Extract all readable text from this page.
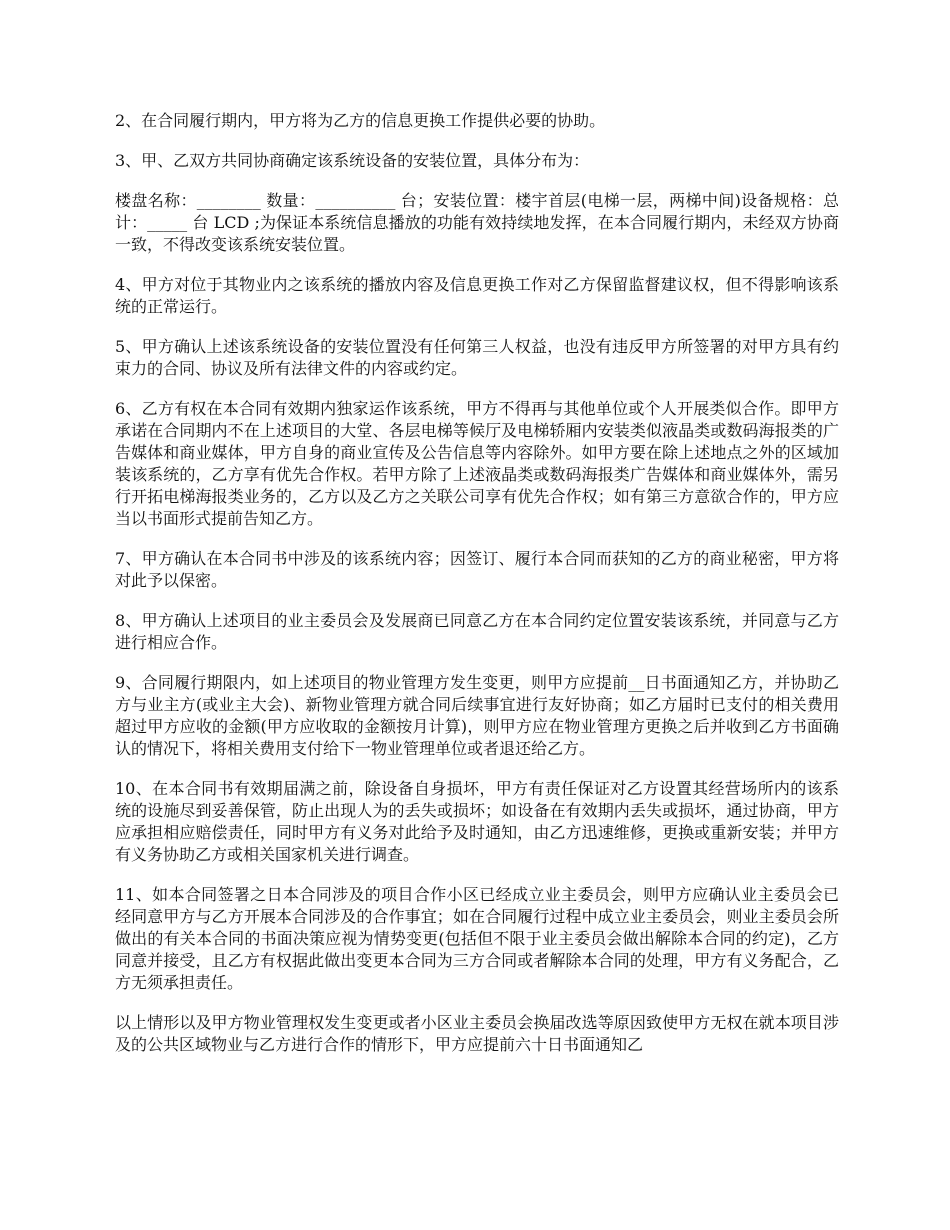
2、在合同履行期内，甲方将为乙方的信息更换工作提供必要的协助。

3、甲、乙双方共同协商确定该系统设备的安装位置，具体分布为：

楼盘名称：________ 数量：__________ 台；安装位置：楼宇首层(电梯一层，两梯中间)设备规格：总计：_____ 台 LCD ;为保证本系统信息播放的功能有效持续地发挥，在本合同履行期内，未经双方协商一致，不得改变该系统安装位置。

4、甲方对位于其物业内之该系统的播放内容及信息更换工作对乙方保留监督建议权，但不得影响该系统的正常运行。

5、甲方确认上述该系统设备的安装位置没有任何第三人权益，也没有违反甲方所签署的对甲方具有约束力的合同、协议及所有法律文件的内容或约定。

6、乙方有权在本合同有效期内独家运作该系统，甲方不得再与其他单位或个人开展类似合作。即甲方承诺在合同期内不在上述项目的大堂、各层电梯等候厅及电梯轿厢内安装类似液晶类或数码海报类的广告媒体和商业媒体，甲方自身的商业宣传及公告信息等内容除外。如甲方要在除上述地点之外的区域加装该系统的，乙方享有优先合作权。若甲方除了上述液晶类或数码海报类广告媒体和商业媒体外，需另行开拓电梯海报类业务的，乙方以及乙方之关联公司享有优先合作权；如有第三方意欲合作的，甲方应当以书面形式提前告知乙方。

7、甲方确认在本合同书中涉及的该系统内容；因签订、履行本合同而获知的乙方的商业秘密，甲方将对此予以保密。

8、甲方确认上述项目的业主委员会及发展商已同意乙方在本合同约定位置安装该系统，并同意与乙方进行相应合作。

9、合同履行期限内，如上述项目的物业管理方发生变更，则甲方应提前__日书面通知乙方，并协助乙方与业主方(或业主大会)、新物业管理方就合同后续事宜进行友好协商；如乙方届时已支付的相关费用超过甲方应收的金额(甲方应收取的金额按月计算)，则甲方应在物业管理方更换之后并收到乙方书面确认的情况下，将相关费用支付给下一物业管理单位或者退还给乙方。

10、在本合同书有效期届满之前，除设备自身损坏，甲方有责任保证对乙方设置其经营场所内的该系统的设施尽到妥善保管，防止出现人为的丢失或损坏；如设备在有效期内丢失或损坏，通过协商，甲方应承担相应赔偿责任，同时甲方有义务对此给予及时通知，由乙方迅速维修，更换或重新安装；并甲方有义务协助乙方或相关国家机关进行调查。

11、如本合同签署之日本合同涉及的项目合作小区已经成立业主委员会，则甲方应确认业主委员会已经同意甲方与乙方开展本合同涉及的合作事宜；如在合同履行过程中成立业主委员会，则业主委员会所做出的有关本合同的书面决策应视为情势变更(包括但不限于业主委员会做出解除本合同的约定)，乙方同意并接受，且乙方有权据此做出变更本合同为三方合同或者解除本合同的处理，甲方有义务配合，乙方无须承担责任。

以上情形以及甲方物业管理权发生变更或者小区业主委员会换届改选等原因致使甲方无权在就本项目涉及的公共区域物业与乙方进行合作的情形下，甲方应提前六十日书面通知乙
